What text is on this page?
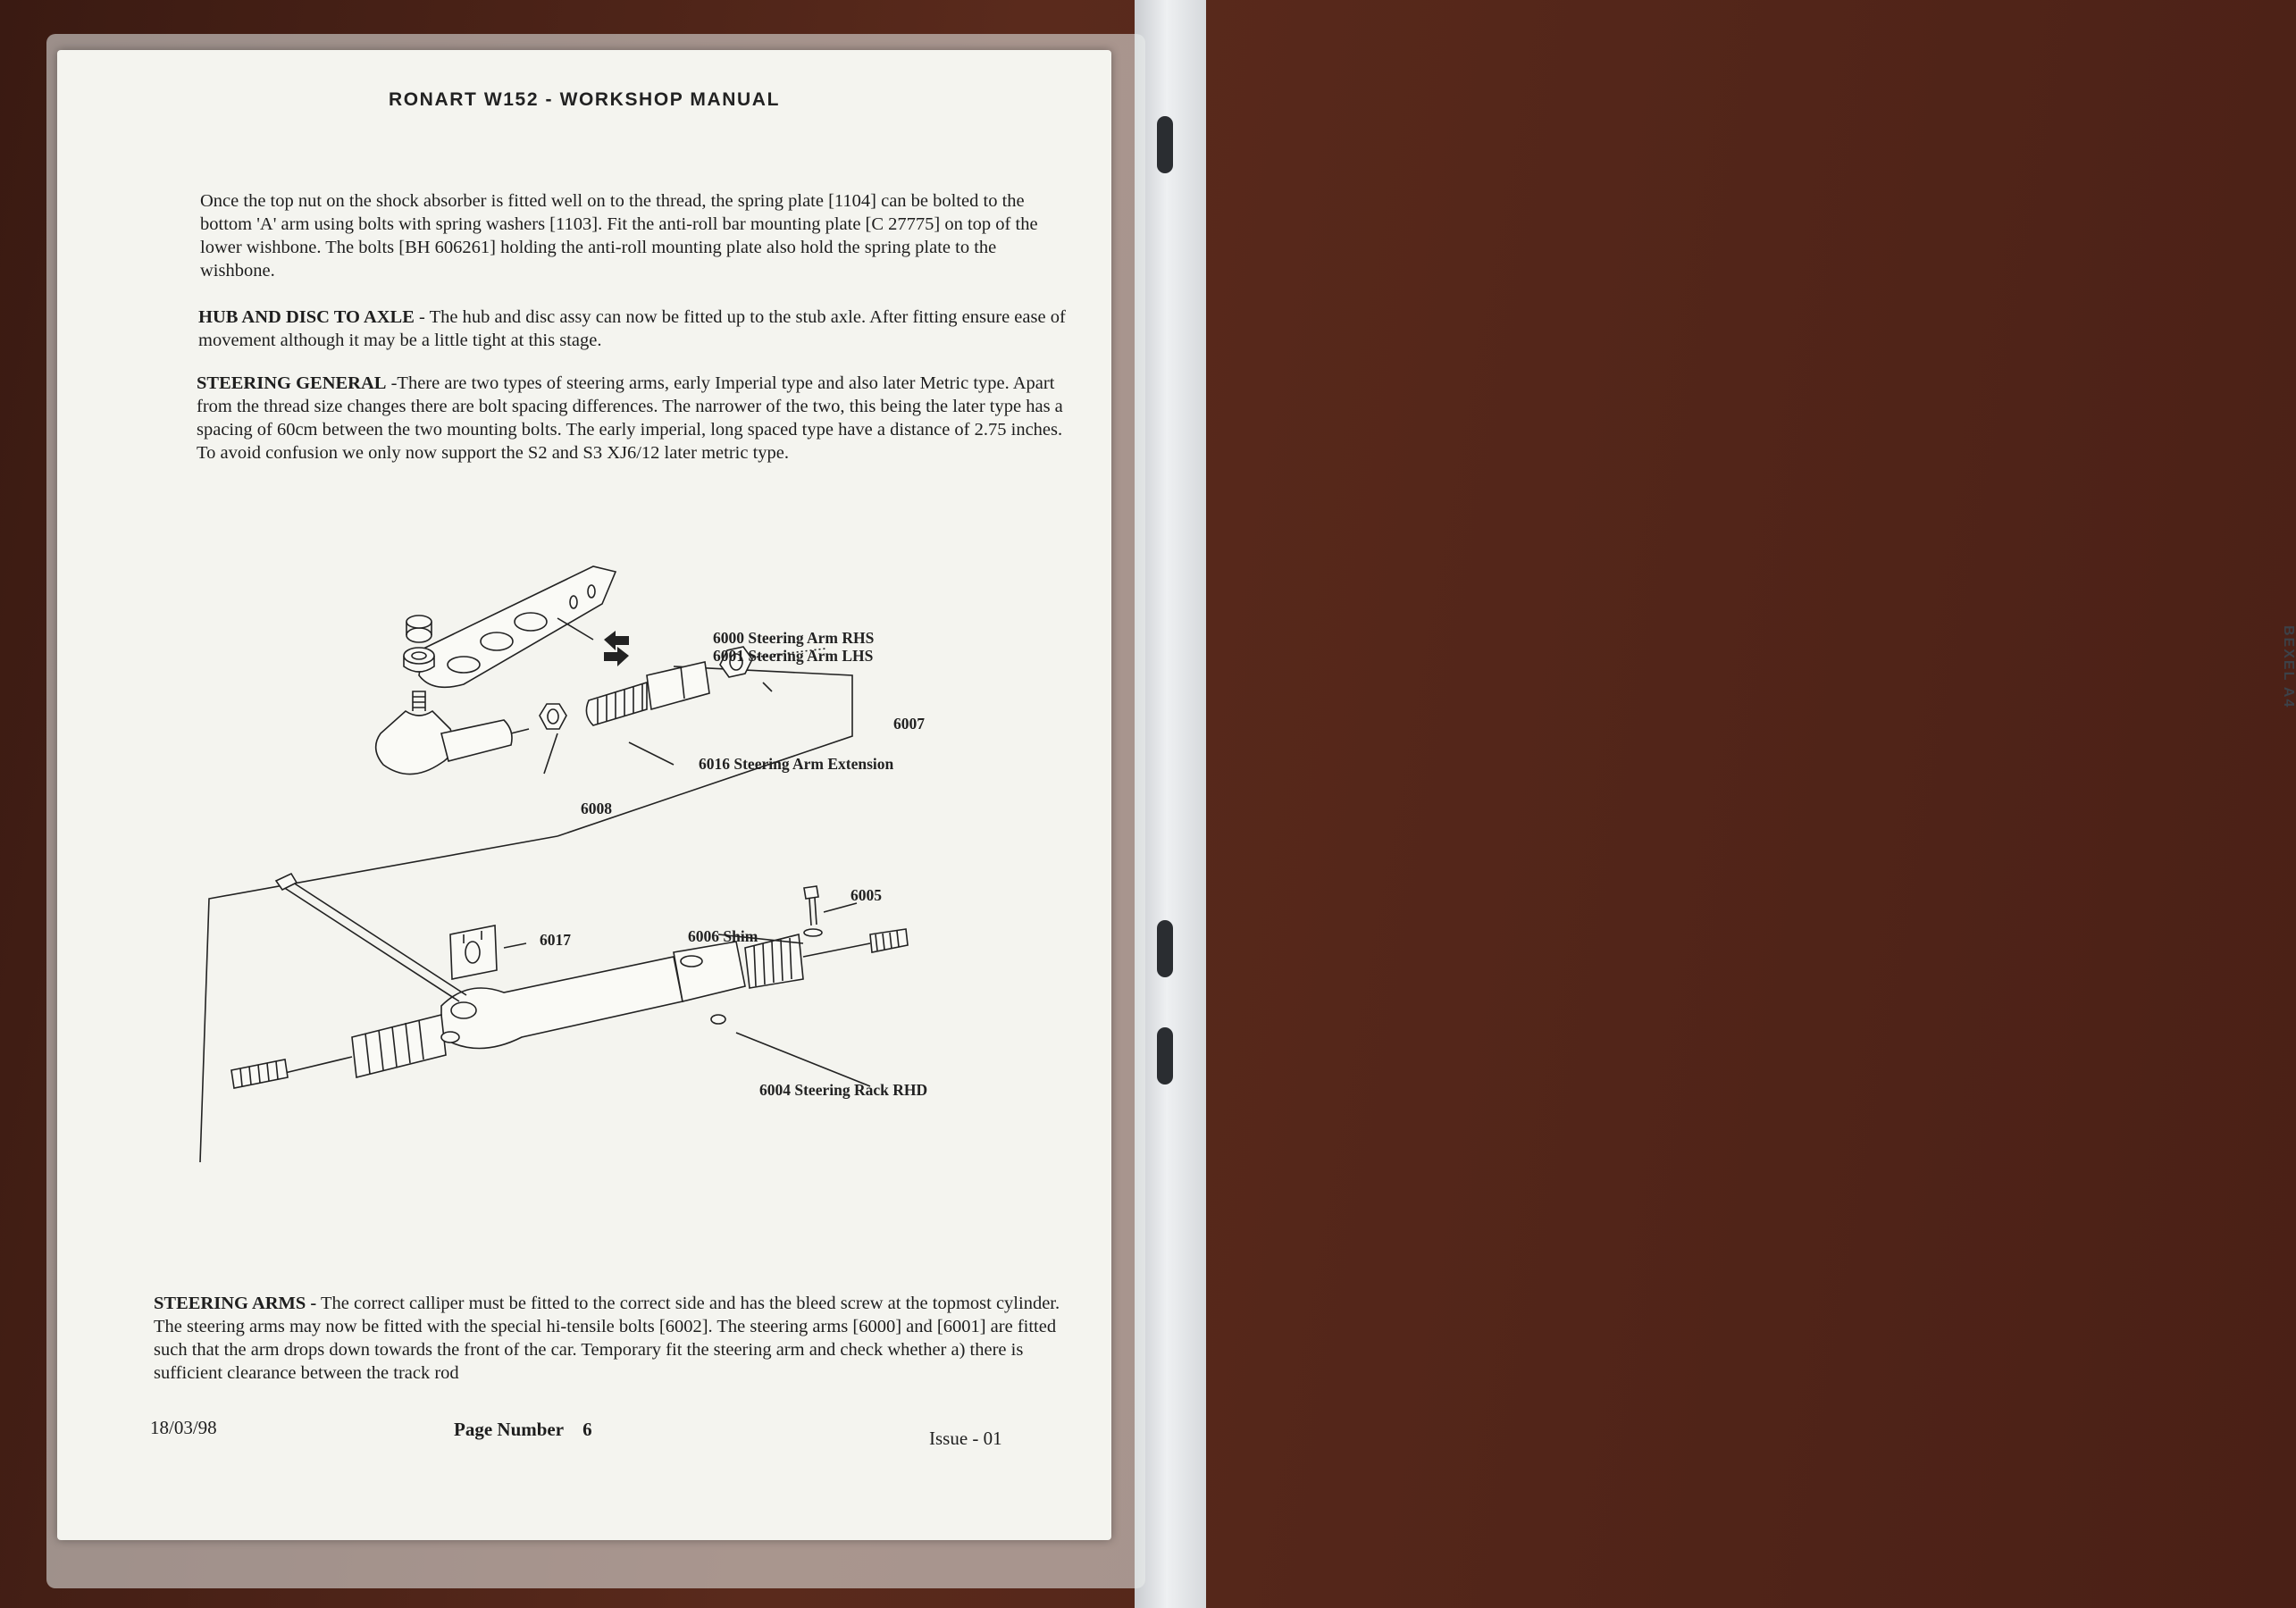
BEXEL A4
RONART W152 - WORKSHOP MANUAL
Once the top nut on the shock absorber is fitted well on to the thread, the spring plate [1104] can be bolted to the bottom 'A' arm using bolts with spring washers [1103]. Fit the anti-roll bar mounting plate [C 27775] on top of the lower wishbone. The bolts [BH 606261] holding the anti-roll mounting plate also hold the spring plate to the wishbone.
HUB AND DISC TO AXLE - The hub and disc assy can now be fitted up to the stub axle. After fitting ensure ease of movement although it may be a little tight at this stage.
STEERING GENERAL -There are two types of steering arms, early Imperial type and also later Metric type. Apart from the thread size changes there are bolt spacing differences. The narrower of the two, this being the later type has a spacing of 60cm between the two mounting bolts. The early imperial, long spaced type have a distance of 2.75 inches. To avoid confusion we only now support the S2 and S3 XJ6/12 later metric type.
6000 Steering Arm RHS
6001 Steering Arm LHS
6007
6016 Steering Arm Extension
6008
6005
6017	6006 Shim
6004 Steering Rack RHD
STEERING ARMS - The correct calliper must be fitted to the correct side and has the bleed screw at the topmost cylinder. The steering arms may now be fitted with the special hi-tensile bolts [6002]. The steering arms [6000] and [6001] are fitted such that the arm drops down towards the front of the car. Temporary fit the steering arm and check whether a) there is sufficient clearance between the track rod
18/03/98	Page Number 6	Issue - 01
